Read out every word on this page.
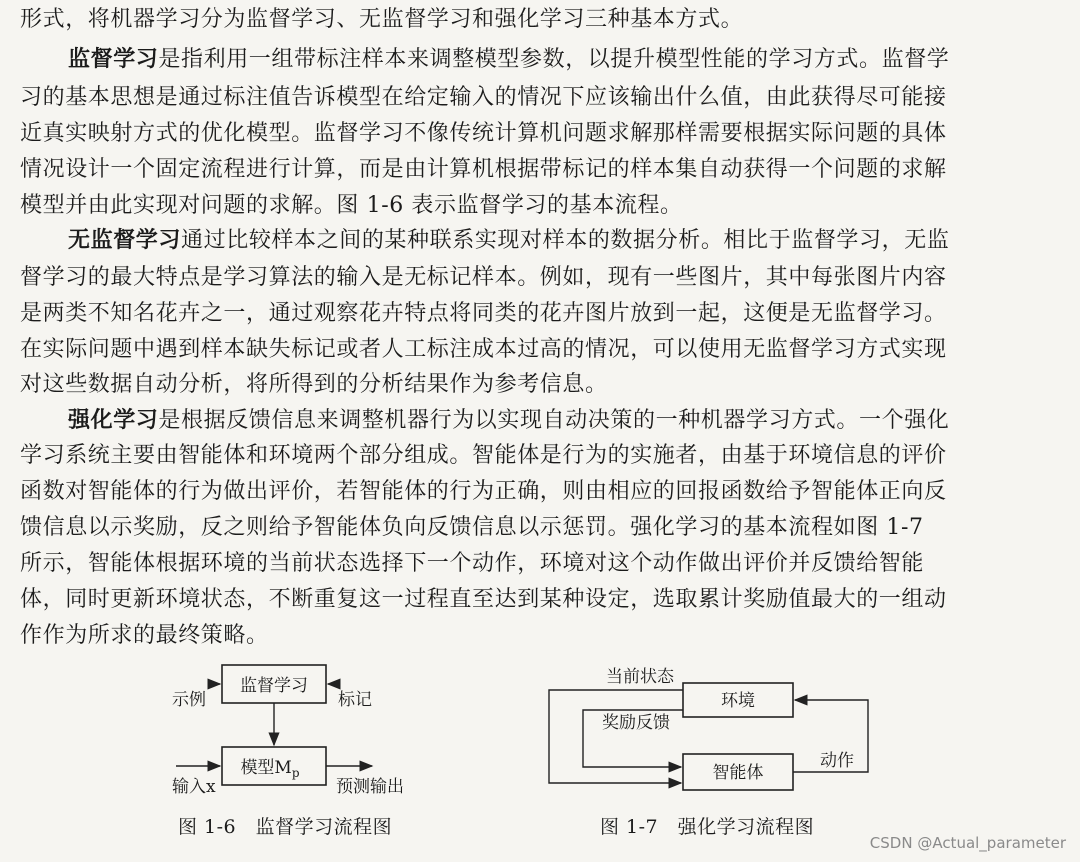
形式，将机器学习分为监督学习、无监督学习和强化学习三种基本方式。
监督学习是指利用一组带标注样本来调整模型参数，以提升模型性能的学习方式。监督学
习的基本思想是通过标注值告诉模型在给定输入的情况下应该输出什么值，由此获得尽可能接
近真实映射方式的优化模型。监督学习不像传统计算机问题求解那样需要根据实际问题的具体
情况设计一个固定流程进行计算，而是由计算机根据带标记的样本集自动获得一个问题的求解
模型并由此实现对问题的求解。图 1-6 表示监督学习的基本流程。
无监督学习通过比较样本之间的某种联系实现对样本的数据分析。相比于监督学习，无监
督学习的最大特点是学习算法的输入是无标记样本。例如，现有一些图片，其中每张图片内容
是两类不知名花卉之一，通过观察花卉特点将同类的花卉图片放到一起，这便是无监督学习。
在实际问题中遇到样本缺失标记或者人工标注成本过高的情况，可以使用无监督学习方式实现
对这些数据自动分析，将所得到的分析结果作为参考信息。
强化学习是根据反馈信息来调整机器行为以实现自动决策的一种机器学习方式。一个强化
学习系统主要由智能体和环境两个部分组成。智能体是行为的实施者，由基于环境信息的评价
函数对智能体的行为做出评价，若智能体的行为正确，则由相应的回报函数给予智能体正向反
馈信息以示奖励，反之则给予智能体负向反馈信息以示惩罚。强化学习的基本流程如图 1-7
所示，智能体根据环境的当前状态选择下一个动作，环境对这个动作做出评价并反馈给智能
体，同时更新环境状态，不断重复这一过程直至达到某种设定，选取累计奖励值最大的一组动
作作为所求的最终策略。
监督学习
模型$M_p$
示例	标记
输入x	预测输出
环境
智能体
当前状态
奖励反馈
动作
图 1-6　监督学习流程图	图 1-7　强化学习流程图
CSDN @Actual_parameter
